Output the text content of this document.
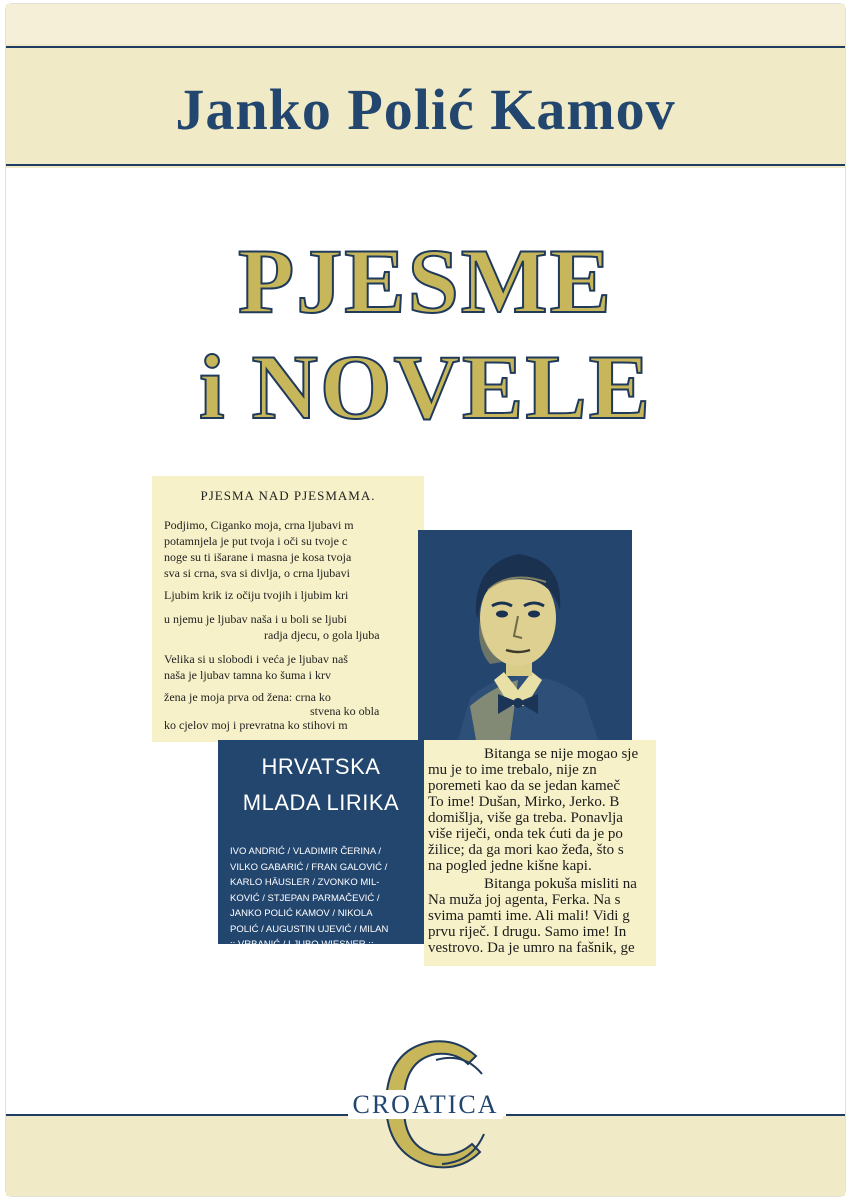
Janko Polić Kamov
PJESME
i NOVELE
PJESMA NAD PJESMAMA.
Podjimo, Ciganko moja, crna ljubavi m
potamnjela je put tvoja i oči su tvoje c
noge su ti išarane i masna je kosa tvoja
sva si crna, sva si divlja, o crna ljubavi
Ljubim krik iz očiju tvojih i ljubim kri
u njemu je ljubav naša i u boli se ljubi
radja djecu, o gola ljuba
Velika si u slobodi i veća je ljubav naš
naša je ljubav tamna ko šuma i krv
žena je moja prva od žena: crna ko
stvena ko obla
ko cjelov moj i prevratna ko stihovi m
HRVATSKA
MLADA LIRIKA
IVO ANDRIĆ / VLADIMIR ČERINA /
VILKO GABARIĆ / FRAN GALOVIĆ /
KARLO HÄUSLER / ZVONKO MIL-
KOVIĆ / STJEPAN PARMAČEVIĆ /
JANKO POLIĆ KAMOV / NIKOLA
POLIĆ / AUGUSTIN UJEVIĆ / MILAN
:: VRBANIĆ / LJUBO WIESNER ::
Bitanga se nije mogao sje
mu je to ime trebalo, nije zn
poremeti kao da se jedan kameč
To ime! Dušan, Mirko, Jerko. B
domišlja, više ga treba. Ponavlja
više riječi, onda tek ćuti da je po
žilice; da ga mori kao žeđa, što s
na pogled jedne kišne kapi.
Bitanga pokuša misliti na
Na muža joj agenta, Ferka. Na s
svima pamti ime. Ali mali! Vidi g
prvu riječ. I drugu. Samo ime! In
vestrovo. Da je umro na fašnik, ge
CROATICA
